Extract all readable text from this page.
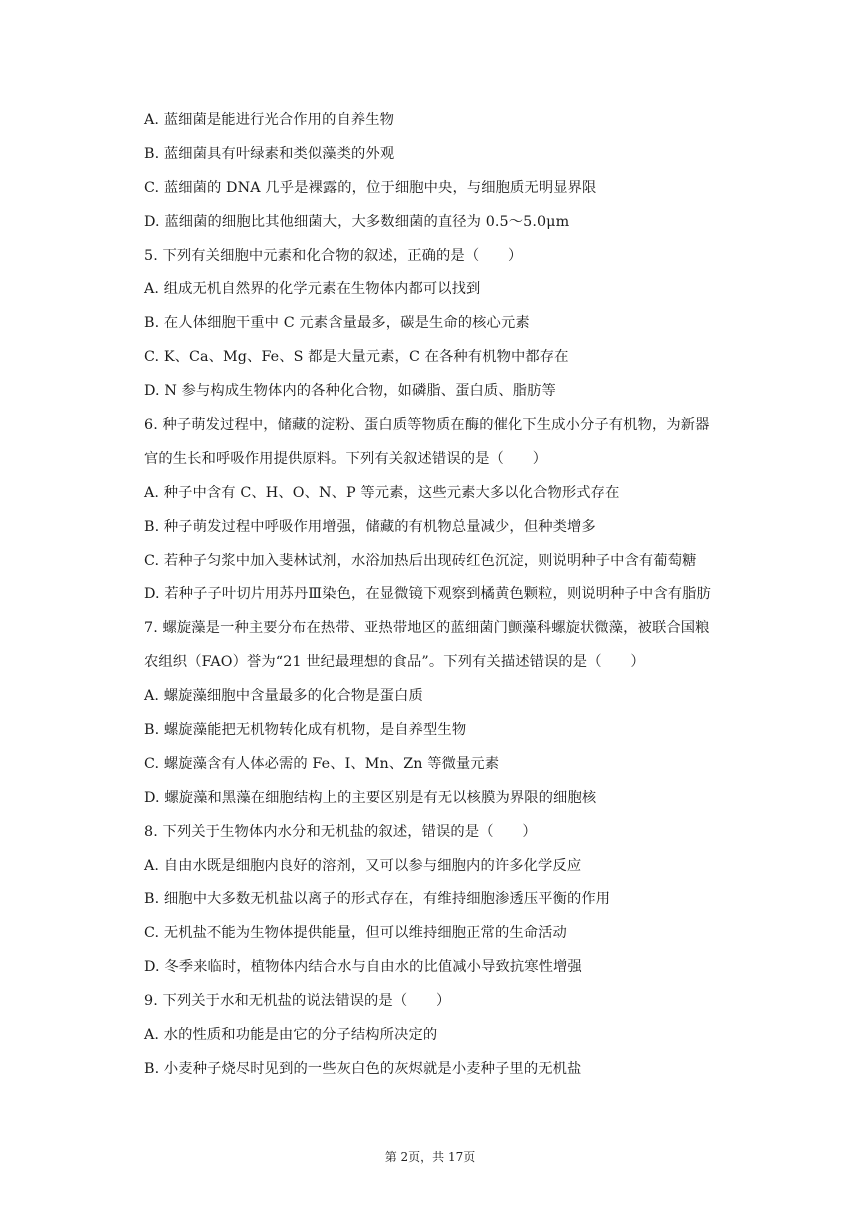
A. 蓝细菌是能进行光合作用的自养生物
B. 蓝细菌具有叶绿素和类似藻类的外观
C. 蓝细菌的 DNA 几乎是裸露的，位于细胞中央，与细胞质无明显界限
D. 蓝细菌的细胞比其他细菌大，大多数细菌的直径为 0.5～5.0μm
5. 下列有关细胞中元素和化合物的叙述，正确的是（　　）
A. 组成无机自然界的化学元素在生物体内都可以找到
B. 在人体细胞干重中 C 元素含量最多，碳是生命的核心元素
C. K、Ca、Mg、Fe、S 都是大量元素，C 在各种有机物中都存在
D. N 参与构成生物体内的各种化合物，如磷脂、蛋白质、脂肪等
6. 种子萌发过程中，储藏的淀粉、蛋白质等物质在酶的催化下生成小分子有机物，为新器
官的生长和呼吸作用提供原料。下列有关叙述错误的是（　　）
A. 种子中含有 C、H、O、N、P 等元素，这些元素大多以化合物形式存在
B. 种子萌发过程中呼吸作用增强，储藏的有机物总量减少，但种类增多
C. 若种子匀浆中加入斐林试剂，水浴加热后出现砖红色沉淀，则说明种子中含有葡萄糖
D. 若种子子叶切片用苏丹Ⅲ染色，在显微镜下观察到橘黄色颗粒，则说明种子中含有脂肪
7. 螺旋藻是一种主要分布在热带、亚热带地区的蓝细菌门颤藻科螺旋状微藻，被联合国粮
农组织（FAO）誉为“21 世纪最理想的食品”。下列有关描述错误的是（　　）
A. 螺旋藻细胞中含量最多的化合物是蛋白质
B. 螺旋藻能把无机物转化成有机物，是自养型生物
C. 螺旋藻含有人体必需的 Fe、I、Mn、Zn 等微量元素
D. 螺旋藻和黑藻在细胞结构上的主要区别是有无以核膜为界限的细胞核
8. 下列关于生物体内水分和无机盐的叙述，错误的是（　　）
A. 自由水既是细胞内良好的溶剂，又可以参与细胞内的许多化学反应
B. 细胞中大多数无机盐以离子的形式存在，有维持细胞渗透压平衡的作用
C. 无机盐不能为生物体提供能量，但可以维持细胞正常的生命活动
D. 冬季来临时，植物体内结合水与自由水的比值减小导致抗寒性增强
9. 下列关于水和无机盐的说法错误的是（　　）
A. 水的性质和功能是由它的分子结构所决定的
B. 小麦种子烧尽时见到的一些灰白色的灰烬就是小麦种子里的无机盐
第 2页，共 17页
